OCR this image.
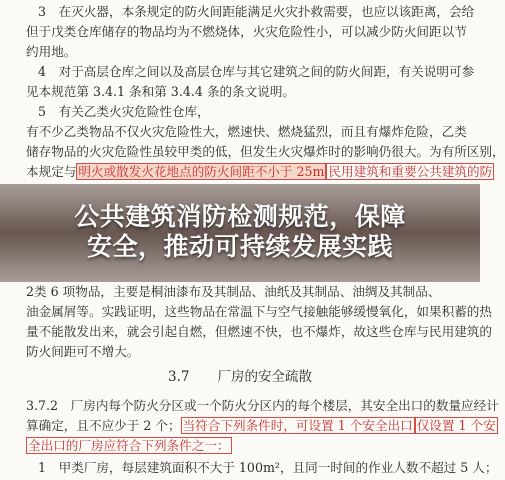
3　在灭火器，本条规定的防火间距能满足火灾扑救需要，也应以该距离，会给
但于戊类仓库储存的物品均为不燃烧体，火灾危险性小，可以减少防火间距以节
约用地。
4　对于高层仓库之间以及高层仓库与其它建筑之间的防火间距，有关说明可参
见本规范第 3.4.1 条和第 3.4.4 条的条文说明。
5　有关乙类火灾危险性仓库，
有不少乙类物品不仅火灾危险性大，燃速快、燃烧猛烈，而且有爆炸危险，乙类
储存物品的火灾危险性虽较甲类的低，但发生火灾爆炸时的影响仍很大。为有所区别，
本规定与 明火或散发火花地点的防火间距不小于 25m 民用建筑和重要公共建筑的防
2类 6 项物品，主要是桐油漆布及其制品、油纸及其制品、油绸及其制品、
油金属屑等。实践证明，这些物品在常温下与空气接触能够缓慢氧化，如果积蓄的热
量不能散发出来，就会引起自燃，但燃速不快，也不爆炸，故这些仓库与民用建筑的
防火间距可不增大。
3.7 厂房的安全疏散
3.7.2　厂房内每个防火分区或一个防火分区内的每个楼层，其安全出口的数量应经计
算确定，且不应少于 2 个； 当符合下列条件时，可设置 1 个安全出口 仅设置 1 个安
全出口的厂房应符合下列条件之一：
1　甲类厂房，每层建筑面积不大于 100m²，且同一时间的作业人数不超过 5 人；
公共建筑消防检测规范，保障
安全，推动可持续发展实践
